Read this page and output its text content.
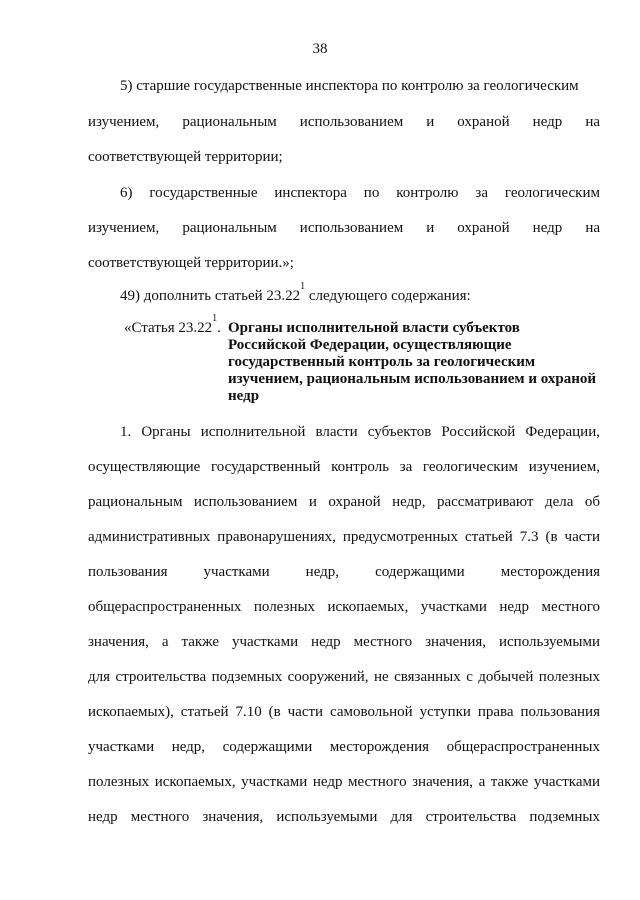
38
5) старшие государственные инспектора по контролю за геологическим
изучением, рациональным использованием и охраной недр на
соответствующей территории;
6) государственные инспектора по контролю за геологическим
изучением, рациональным использованием и охраной недр на
соответствующей территории.»;
49) дополнить статьей 23.22$^1$ следующего содержания:
«Статья 23.22$^1$. Органы исполнительной власти субъектов
Российской Федерации, осуществляющие
государственный контроль за геологическим
изучением, рациональным использованием и охраной
недр
1. Органы исполнительной власти субъектов Российской Федерации,
осуществляющие государственный контроль за геологическим изучением,
рациональным использованием и охраной недр, рассматривают дела об
административных правонарушениях, предусмотренных статьей 7.3 (в части
пользования участками недр, содержащими месторождения
общераспространенных полезных ископаемых, участками недр местного
значения, а также участками недр местного значения, используемыми
для строительства подземных сооружений, не связанных с добычей полезных
ископаемых), статьей 7.10 (в части самовольной уступки права пользования
участками недр, содержащими месторождения общераспространенных
полезных ископаемых, участками недр местного значения, а также участками
недр местного значения, используемыми для строительства подземных
